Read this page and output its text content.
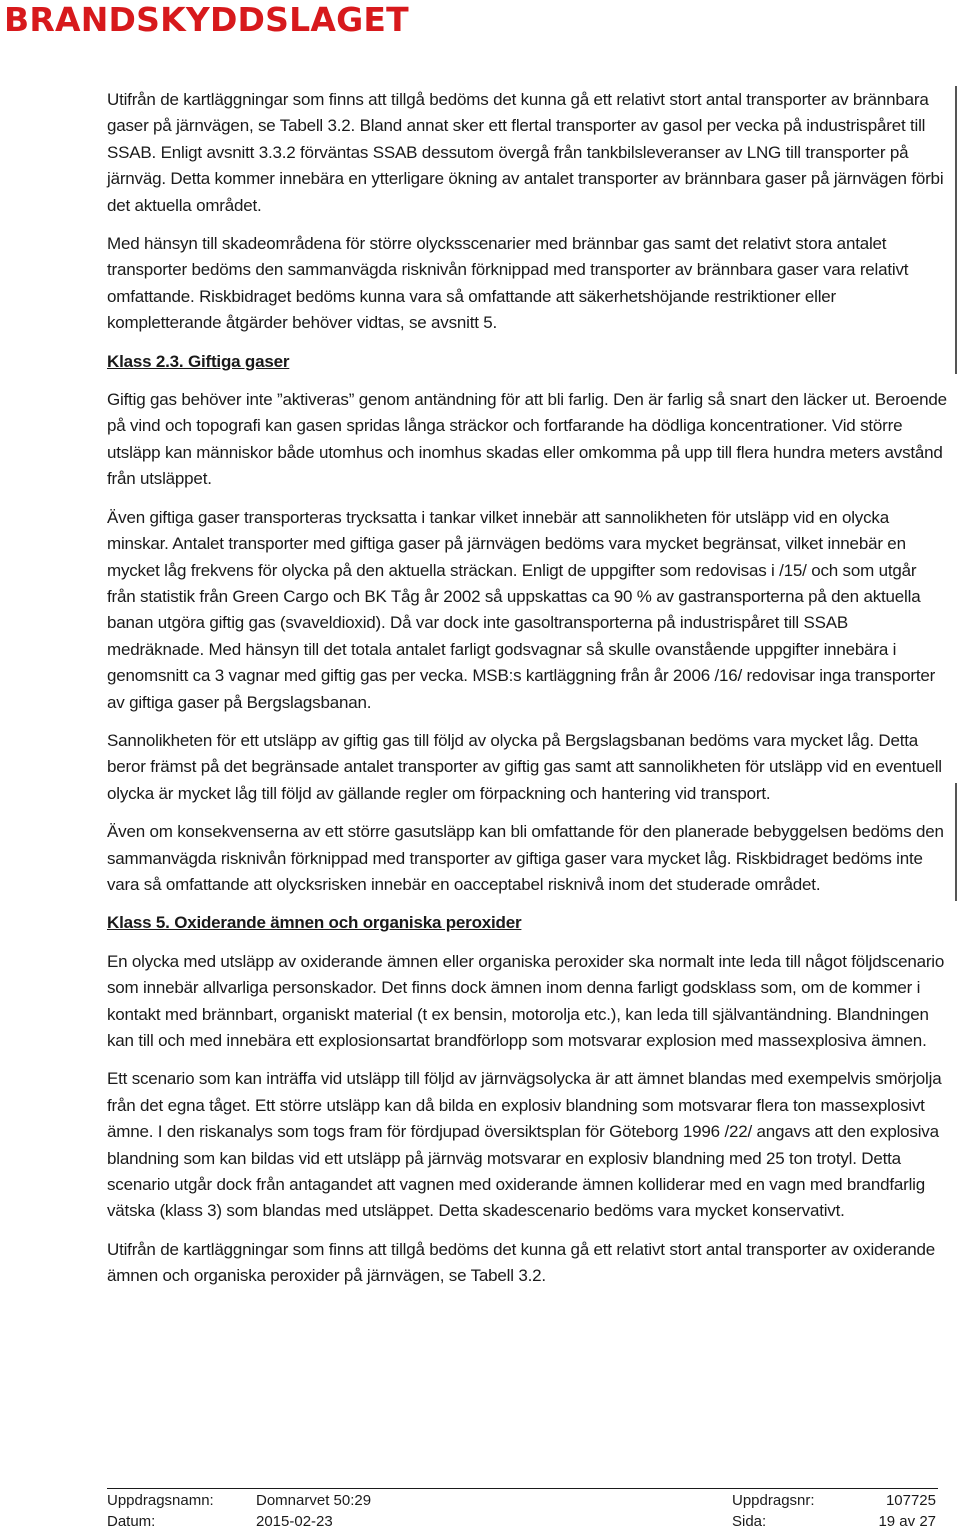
BRANDSKYDDSLAGET

Utifrån de kartläggningar som finns att tillgå bedöms det kunna gå ett relativt stort antal transporter av brännbara gaser på järnvägen, se Tabell 3.2. Bland annat sker ett flertal transporter av gasol per vecka på industrispåret till SSAB. Enligt avsnitt 3.3.2 förväntas SSAB dessutom övergå från tankbilsleveranser av LNG till transporter på järnväg. Detta kommer innebära en ytterligare ökning av antalet transporter av brännbara gaser på järnvägen förbi det aktuella området.

Med hänsyn till skadeområdena för större olycksscenarier med brännbar gas samt det relativt stora antalet transporter bedöms den sammanvägda risknivån förknippad med transporter av brännbara gaser vara relativt omfattande. Riskbidraget bedöms kunna vara så omfattande att säkerhetshöjande restriktioner eller kompletterande åtgärder behöver vidtas, se avsnitt 5.

Klass 2.3. Giftiga gaser

Giftig gas behöver inte ”aktiveras” genom antändning för att bli farlig. Den är farlig så snart den läcker ut. Beroende på vind och topografi kan gasen spridas långa sträckor och fortfarande ha dödliga koncentrationer. Vid större utsläpp kan människor både utomhus och inomhus skadas eller omkomma på upp till flera hundra meters avstånd från utsläppet.

Även giftiga gaser transporteras trycksatta i tankar vilket innebär att sannolikheten för utsläpp vid en olycka minskar. Antalet transporter med giftiga gaser på järnvägen bedöms vara mycket begränsat, vilket innebär en mycket låg frekvens för olycka på den aktuella sträckan. Enligt de uppgifter som redovisas i /15/ och som utgår från statistik från Green Cargo och BK Tåg år 2002 så uppskattas ca 90 % av gastransporterna på den aktuella banan utgöra giftig gas (svaveldioxid). Då var dock inte gasoltransporterna på industrispåret till SSAB medräknade. Med hänsyn till det totala antalet farligt godsvagnar så skulle ovanstående uppgifter innebära i genomsnitt ca 3 vagnar med giftig gas per vecka. MSB:s kartläggning från år 2006 /16/ redovisar inga transporter av giftiga gaser på Bergslagsbanan.

Sannolikheten för ett utsläpp av giftig gas till följd av olycka på Bergslagsbanan bedöms vara mycket låg. Detta beror främst på det begränsade antalet transporter av giftig gas samt att sannolikheten för utsläpp vid en eventuell olycka är mycket låg till följd av gällande regler om förpackning och hantering vid transport.

Även om konsekvenserna av ett större gasutsläpp kan bli omfattande för den planerade bebyggelsen bedöms den sammanvägda risknivån förknippad med transporter av giftiga gaser vara mycket låg. Riskbidraget bedöms inte vara så omfattande att olycksrisken innebär en oacceptabel risknivå inom det studerade området.

Klass 5. Oxiderande ämnen och organiska peroxider

En olycka med utsläpp av oxiderande ämnen eller organiska peroxider ska normalt inte leda till något följdscenario som innebär allvarliga personskador. Det finns dock ämnen inom denna farligt godsklass som, om de kommer i kontakt med brännbart, organiskt material (t ex bensin, motorolja etc.), kan leda till självantändning. Blandningen kan till och med innebära ett explosionsartat brandförlopp som motsvarar explosion med massexplosiva ämnen.

Ett scenario som kan inträffa vid utsläpp till följd av järnvägsolycka är att ämnet blandas med exempelvis smörjolja från det egna tåget. Ett större utsläpp kan då bilda en explosiv blandning som motsvarar flera ton massexplosivt ämne. I den riskanalys som togs fram för fördjupad översiktsplan för Göteborg 1996 /22/ angavs att den explosiva blandning som kan bildas vid ett utsläpp på järnväg motsvarar en explosiv blandning med 25 ton trotyl. Detta scenario utgår dock från antagandet att vagnen med oxiderande ämnen kolliderar med en vagn med brandfarlig vätska (klass 3) som blandas med utsläppet. Detta skadescenario bedöms vara mycket konservativt.

Utifrån de kartläggningar som finns att tillgå bedöms det kunna gå ett relativt stort antal transporter av oxiderande ämnen och organiska peroxider på järnvägen, se Tabell 3.2.

Uppdragsnamn:	Domnarvet 50:29	Uppdragsnr:	107725
Datum:	2015-02-23	Sida:	19 av 27
